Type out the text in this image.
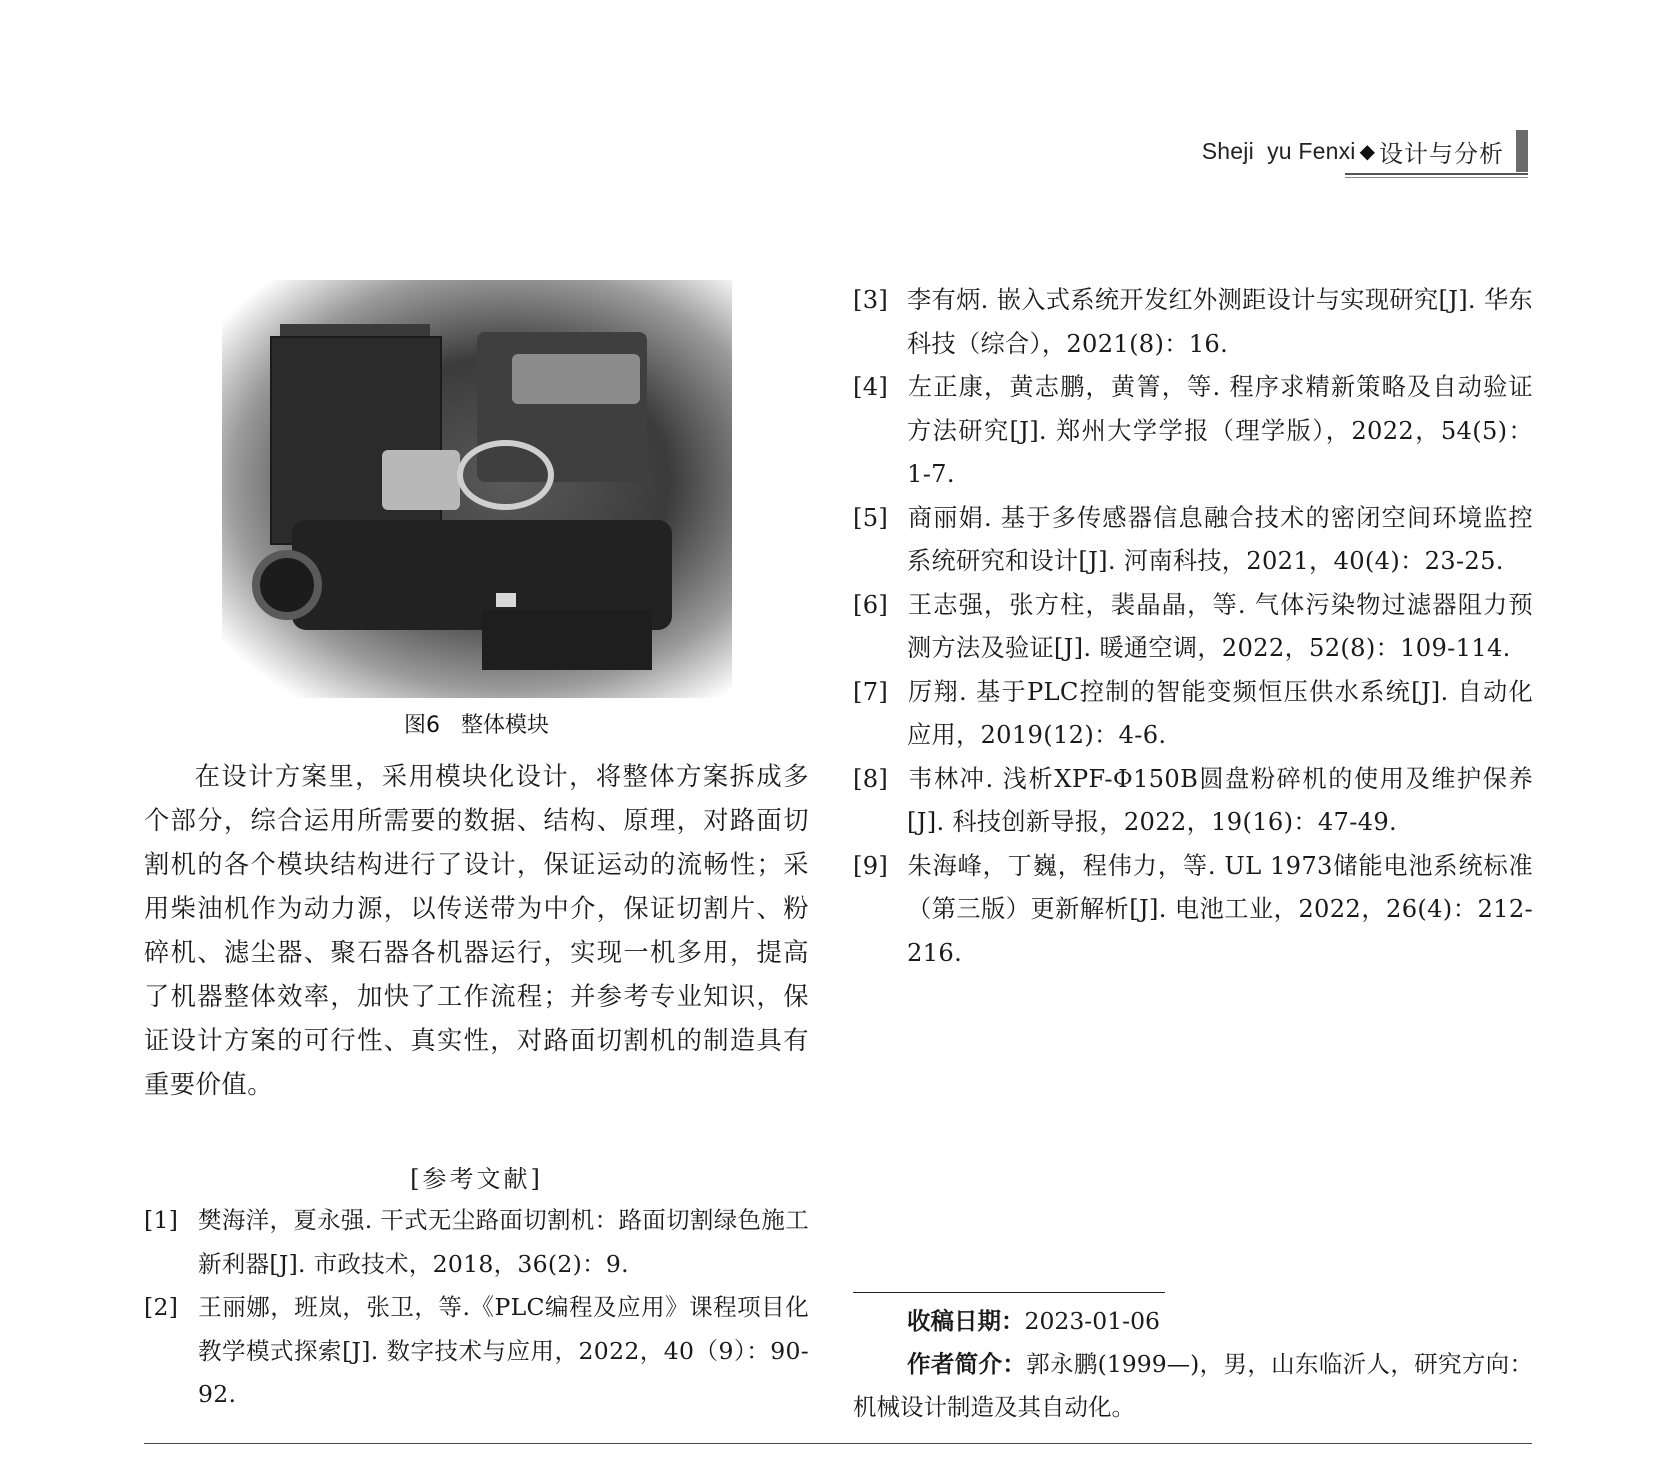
Sheji  yu Fenxi ◆ 设计与分析
图6   整体模块

在设计方案里，采用模块化设计，将整体方案拆成多个部分，综合运用所需要的数据、结构、原理，对路面切割机的各个模块结构进行了设计，保证运动的流畅性；采用柴油机作为动力源，以传送带为中介，保证切割片、粉碎机、滤尘器、聚石器各机器运行，实现一机多用，提高了机器整体效率，加快了工作流程；并参考专业知识，保证设计方案的可行性、真实性，对路面切割机的制造具有重要价值。

[参考文献]
[1] 樊海洋，夏永强. 干式无尘路面切割机：路面切割绿色施工新利器[J]. 市政技术，2018，36(2)：9.
[2] 王丽娜，班岚，张卫，等.《PLC编程及应用》课程项目化教学模式探索[J]. 数字技术与应用，2022，40（9）：90-92.
[3] 李有炳. 嵌入式系统开发红外测距设计与实现研究[J]. 华东科技（综合），2021(8)：16.
[4] 左正康，黄志鹏，黄箐，等. 程序求精新策略及自动验证方法研究[J]. 郑州大学学报（理学版），2022，54(5)：1-7.
[5] 商丽娟. 基于多传感器信息融合技术的密闭空间环境监控系统研究和设计[J]. 河南科技，2021，40(4)：23-25.
[6] 王志强，张方柱，裴晶晶，等. 气体污染物过滤器阻力预测方法及验证[J]. 暖通空调，2022，52(8)：109-114.
[7] 厉翔. 基于PLC控制的智能变频恒压供水系统[J]. 自动化应用，2019(12)：4-6.
[8] 韦林冲. 浅析XPF-Φ150B圆盘粉碎机的使用及维护保养[J]. 科技创新导报，2022，19(16)：47-49.
[9] 朱海峰，丁巍，程伟力，等. UL 1973储能电池系统标准（第三版）更新解析[J]. 电池工业，2022，26(4)：212-216.
收稿日期：2023-01-06
作者简介：郭永鹏(1999—)，男，山东临沂人，研究方向：机械设计制造及其自动化。
